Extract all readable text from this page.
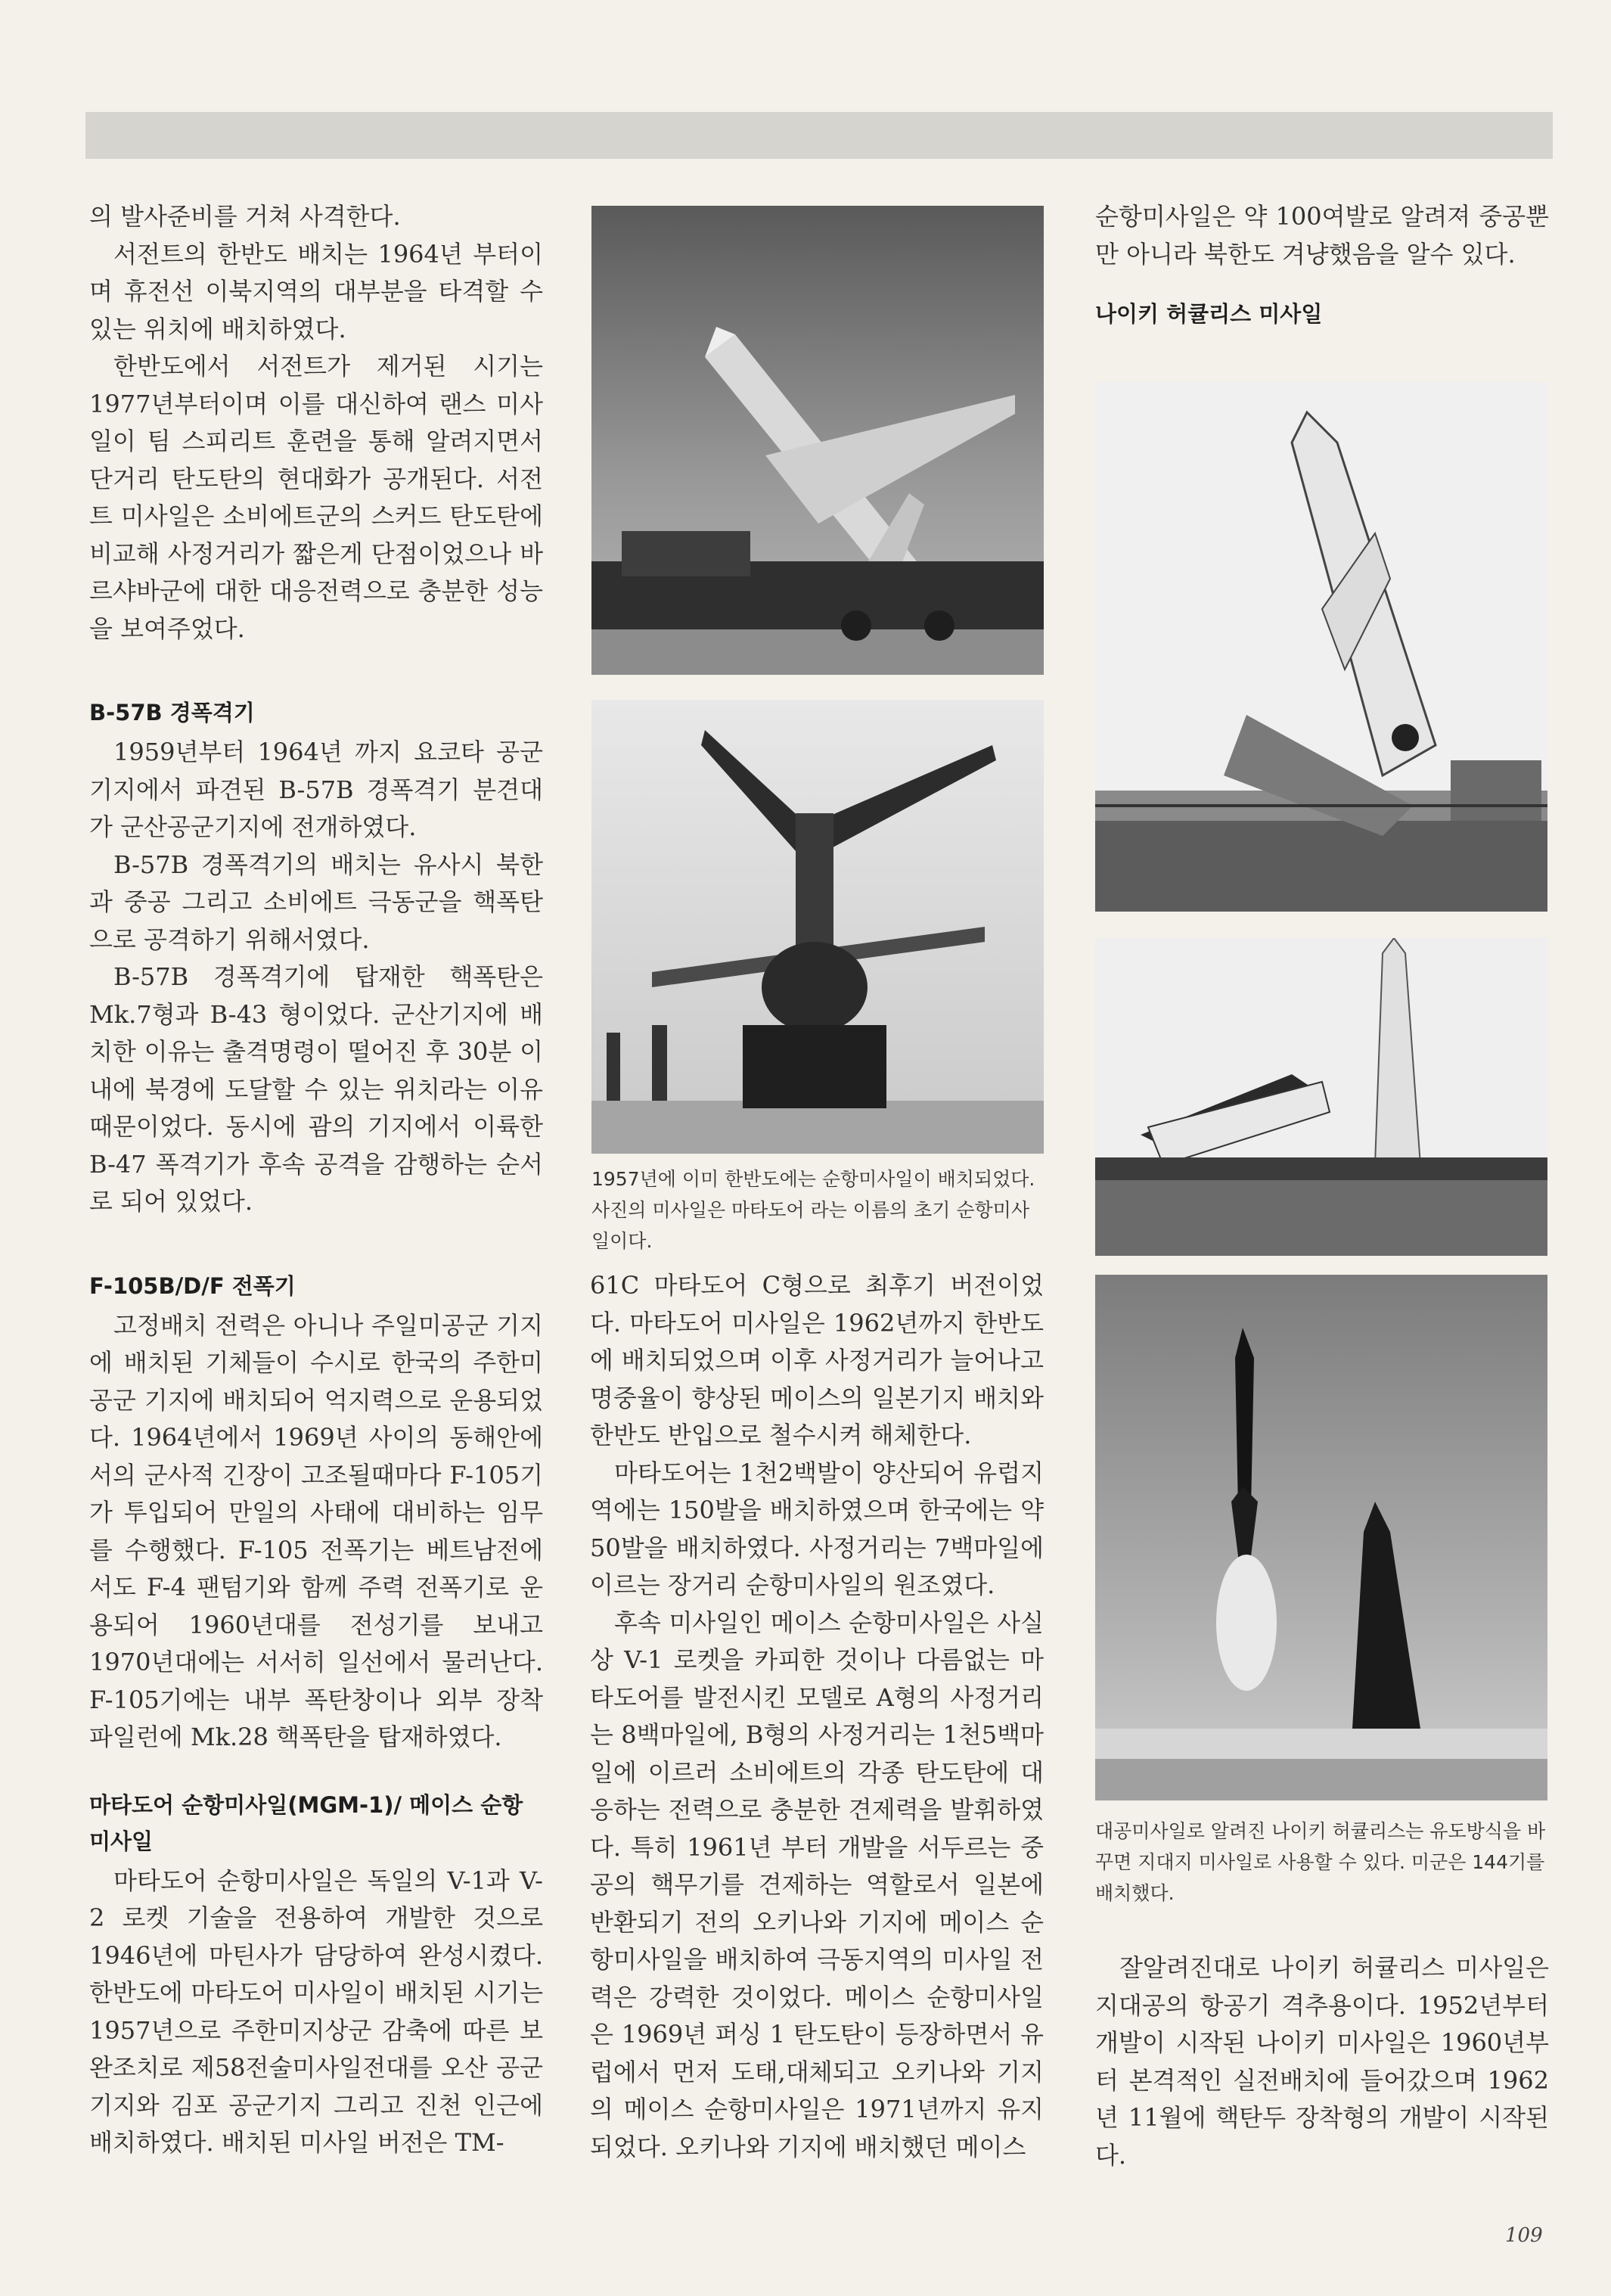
의 발사준비를 거쳐 사격한다.

서전트의 한반도 배치는 1964년 부터이며 휴전선 이북지역의 대부분을 타격할 수 있는 위치에 배치하였다.

한반도에서 서전트가 제거된 시기는 1977년부터이며 이를 대신하여 랜스 미사일이 팀 스피리트 훈련을 통해 알려지면서 단거리 탄도탄의 현대화가 공개된다. 서전트 미사일은 소비에트군의 스커드 탄도탄에 비교해 사정거리가 짧은게 단점이었으나 바르샤바군에 대한 대응전력으로 충분한 성능을 보여주었다.

B-57B 경폭격기

1959년부터 1964년 까지 요코타 공군기지에서 파견된 B-57B 경폭격기 분견대가 군산공군기지에 전개하였다.

B-57B 경폭격기의 배치는 유사시 북한과 중공 그리고 소비에트 극동군을 핵폭탄으로 공격하기 위해서였다.

B-57B 경폭격기에 탑재한 핵폭탄은 Mk.7형과 B-43 형이었다. 군산기지에 배치한 이유는 출격명령이 떨어진 후 30분 이내에 북경에 도달할 수 있는 위치라는 이유때문이었다. 동시에 괌의 기지에서 이륙한 B-47 폭격기가 후속 공격을 감행하는 순서로 되어 있었다.

F-105B/D/F 전폭기

고정배치 전력은 아니나 주일미공군 기지에 배치된 기체들이 수시로 한국의 주한미공군 기지에 배치되어 억지력으로 운용되었다. 1964년에서 1969년 사이의 동해안에서의 군사적 긴장이 고조될때마다 F-105기가 투입되어 만일의 사태에 대비하는 임무를 수행했다. F-105 전폭기는 베트남전에서도 F-4 팬텀기와 함께 주력 전폭기로 운용되어 1960년대를 전성기를 보내고 1970년대에는 서서히 일선에서 물러난다. F-105기에는 내부 폭탄창이나 외부 장착 파일런에 Mk.28 핵폭탄을 탑재하였다.

마타도어 순항미사일(MGM-1)/ 메이스 순항미사일

마타도어 순항미사일은 독일의 V-1과 V-2 로켓 기술을 전용하여 개발한 것으로 1946년에 마틴사가 담당하여 완성시켰다. 한반도에 마타도어 미사일이 배치된 시기는 1957년으로 주한미지상군 감축에 따른 보완조치로 제58전술미사일전대를 오산 공군기지와 김포 공군기지 그리고 진천 인근에 배치하였다. 배치된 미사일 버전은 TM-

1957년에 이미 한반도에는 순항미사일이 배치되었다. 사진의 미사일은 마타도어 라는 이름의 초기 순항미사일이다.

61C 마타도어 C형으로 최후기 버전이었다. 마타도어 미사일은 1962년까지 한반도에 배치되었으며 이후 사정거리가 늘어나고 명중율이 향상된 메이스의 일본기지 배치와 한반도 반입으로 철수시켜 해체한다.

마타도어는 1천2백발이 양산되어 유럽지역에는 150발을 배치하였으며 한국에는 약 50발을 배치하였다. 사정거리는 7백마일에 이르는 장거리 순항미사일의 원조였다.

후속 미사일인 메이스 순항미사일은 사실상 V-1 로켓을 카피한 것이나 다름없는 마타도어를 발전시킨 모델로 A형의 사정거리는 8백마일에, B형의 사정거리는 1천5백마일에 이르러 소비에트의 각종 탄도탄에 대응하는 전력으로 충분한 견제력을 발휘하였다. 특히 1961년 부터 개발을 서두르는 중공의 핵무기를 견제하는 역할로서 일본에 반환되기 전의 오키나와 기지에 메이스 순항미사일을 배치하여 극동지역의 미사일 전력은 강력한 것이었다. 메이스 순항미사일은 1969년 퍼싱 1 탄도탄이 등장하면서 유럽에서 먼저 도태,대체되고 오키나와 기지의 메이스 순항미사일은 1971년까지 유지되었다. 오키나와 기지에 배치했던 메이스

순항미사일은 약 100여발로 알려져 중공뿐만 아니라 북한도 겨냥했음을 알수 있다.

나이키 허큘리스 미사일

대공미사일로 알려진 나이키 허큘리스는 유도방식을 바꾸면 지대지 미사일로 사용할 수 있다. 미군은 144기를 배치했다.

잘알려진대로 나이키 허큘리스 미사일은 지대공의 항공기 격추용이다. 1952년부터 개발이 시작된 나이키 미사일은 1960년부터 본격적인 실전배치에 들어갔으며 1962년 11월에 핵탄두 장착형의 개발이 시작된다.

109
